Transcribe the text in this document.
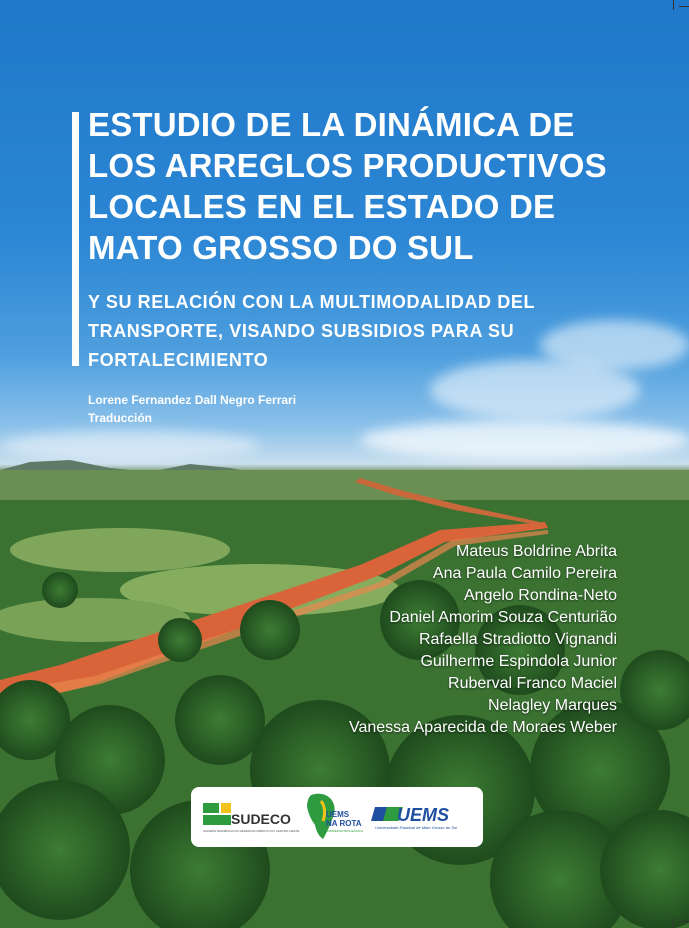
ESTUDIO DE LA DINÁMICA DE LOS ARREGLOS PRODUCTIVOS LOCALES EN EL ESTADO DE MATO GROSSO DO SUL
Y SU RELACIÓN CON LA MULTIMODALIDAD DEL TRANSPORTE, VISANDO SUBSIDIOS PARA SU FORTALECIMIENTO
Lorene Fernandez Dall Negro Ferrari
Traducción
Mateus Boldrine Abrita
Ana Paula Camilo Pereira
Angelo Rondina-Neto
Daniel Amorim Souza Centurião
Rafaella Stradiotto Vignandi
Guilherme Espindola Junior
Ruberval Franco Maciel
Nelagley Marques
Vanessa Aparecida de Moraes Weber
SUDECO
SUPERINTENDÊNCIA DO DESENVOLVIMENTO DO CENTRO-OESTE
UEMS
NA ROTA
CORREDOR BIOCEÂNICO
UEMS
Universidade Estadual de Mato Grosso do Sul
